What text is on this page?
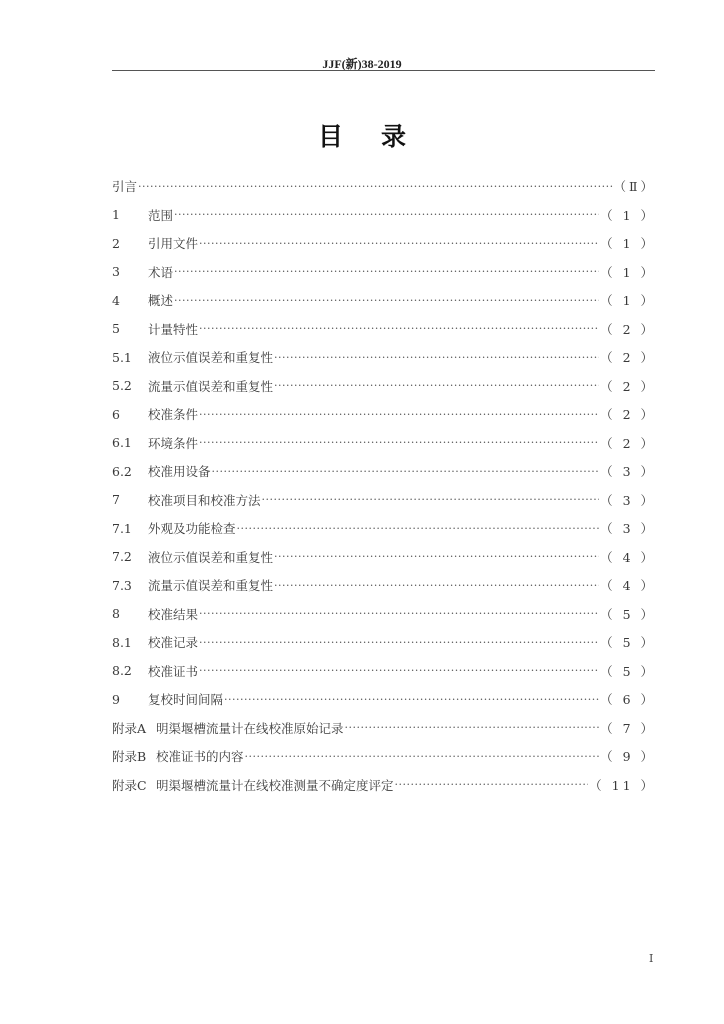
JJF(新)38-2019
目录
引言 ·····	（Ⅱ）
1	范围 ·····	（ 1 ）
2	引用文件 ·····	（ 1 ）
3	术语 ·····	（ 1 ）
4	概述 ·····	（ 1 ）
5	计量特性 ·····	（ 2 ）
5.1	液位示值误差和重复性 ·····	（ 2 ）
5.2	流量示值误差和重复性 ·····	（ 2 ）
6	校准条件 ·····	（ 2 ）
6.1	环境条件 ·····	（ 2 ）
6.2	校准用设备 ·····	（ 3 ）
7	校准项目和校准方法 ·····	（ 3 ）
7.1	外观及功能检查 ·····	（ 3 ）
7.2	液位示值误差和重复性 ·····	（ 4 ）
7.3	流量示值误差和重复性 ·····	（ 4 ）
8	校准结果 ·····	（ 5 ）
8.1	校准记录 ·····	（ 5 ）
8.2	校准证书 ·····	（ 5 ）
9	复校时间间隔 ·····	（ 6 ）
附录A 明渠堰槽流量计在线校准原始记录 ·····	（ 7 ）
附录B 校准证书的内容 ·····	（ 9 ）
附录C 明渠堰槽流量计在线校准测量不确定度评定 ·····	（ 11 ）
I
